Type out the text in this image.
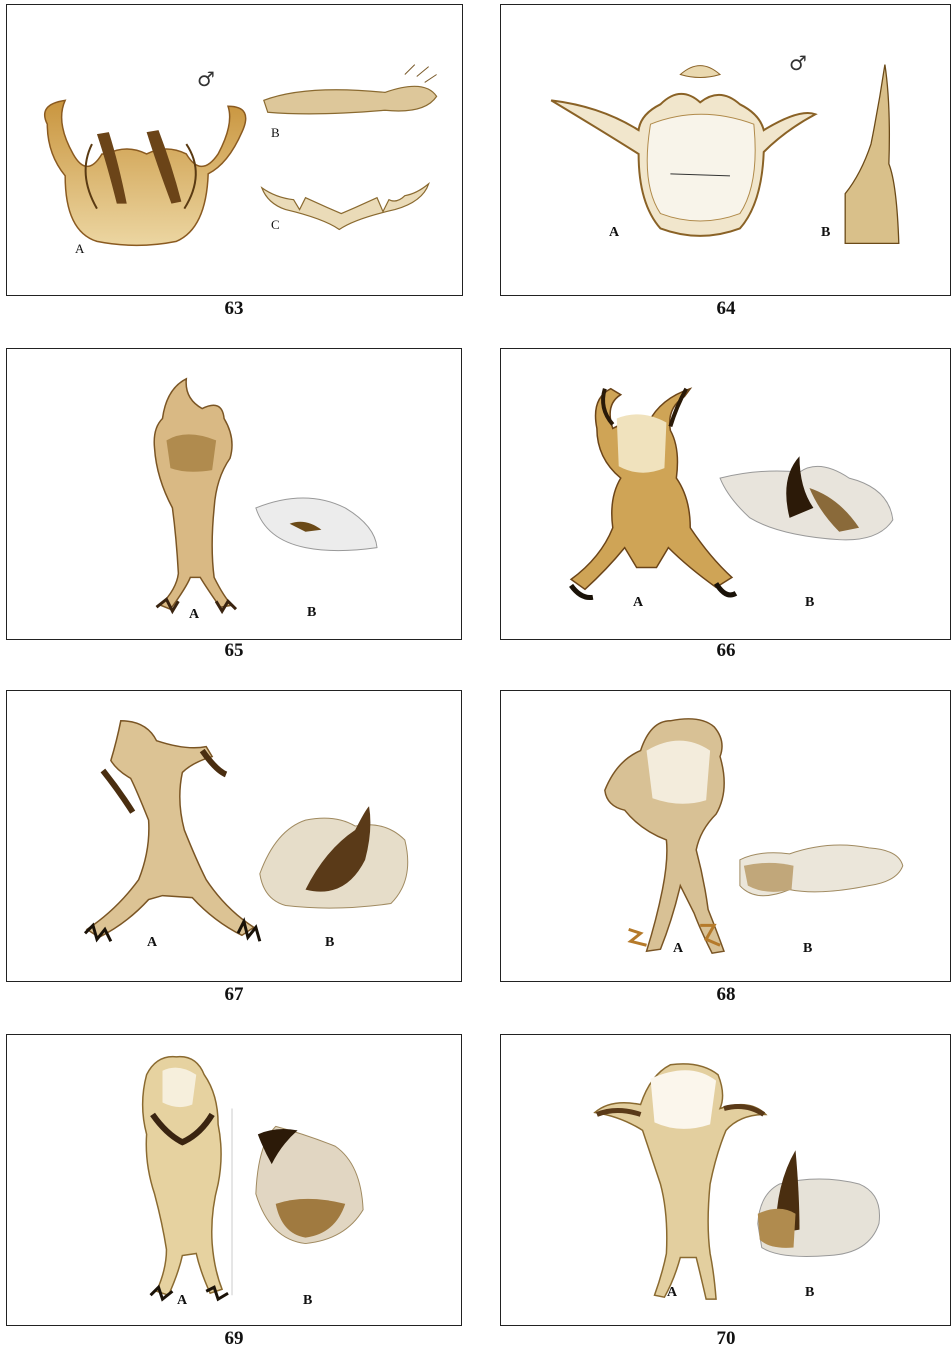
♂
A
B
C
63
♂
A	B
64
A	B
65
A	B
66
A	B
67
A	B
68
A	B
69
A	B
70
